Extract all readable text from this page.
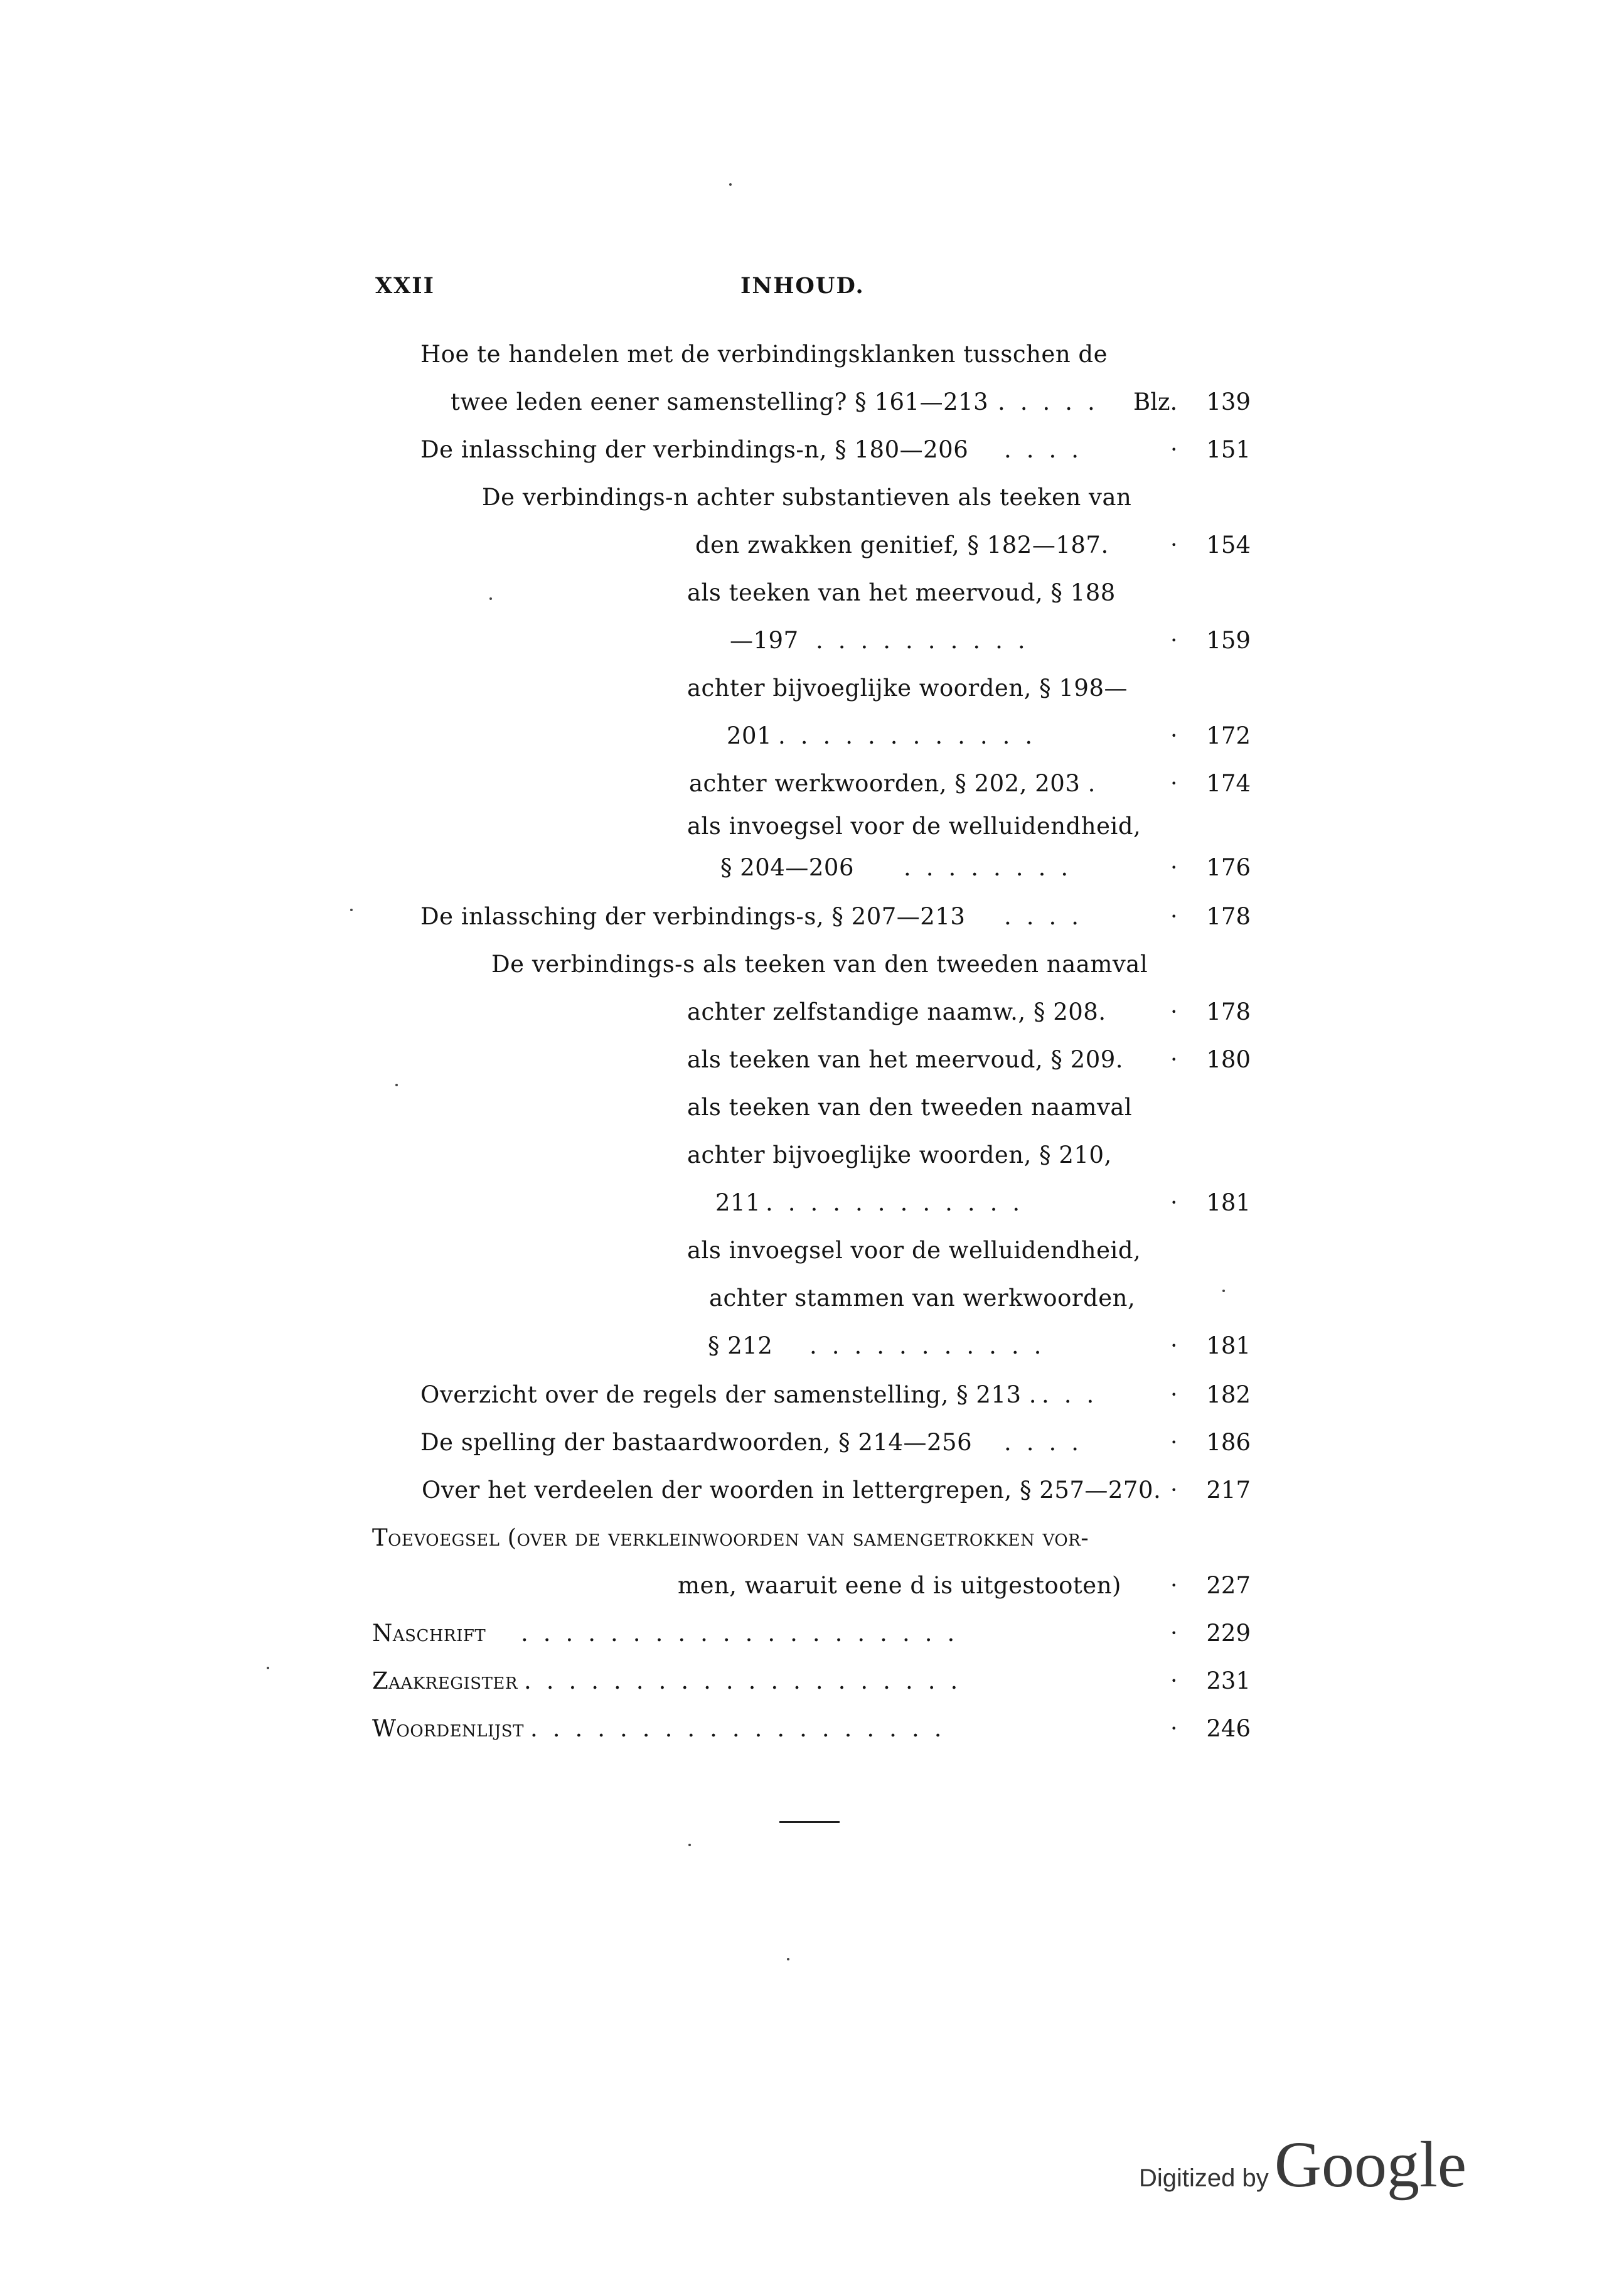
XXII	INHOUD.
Hoe te handelen met de verbindingsklanken tusschen de
twee leden eener samenstelling? § 161—213 .....	Blz. 139
De inlassching der verbindings-n, § 180—206 ....	• 151
De verbindings-n achter substantieven als teeken van
den zwakken genitief, § 182—187.	• 154
als teeken van het meervoud, § 188
—197 ..........	• 159
achter bijvoeglijke woorden, § 198—
201 ............	• 172
achter werkwoorden, § 202, 203 .	• 174
als invoegsel voor de welluidendheid,
§ 204—206 ........	• 176
De inlassching der verbindings-s, § 207—213 ....	• 178
De verbindings-s als teeken van den tweeden naamval
achter zelfstandige naamw., § 208.	• 178
als teeken van het meervoud, § 209.	• 180
als teeken van den tweeden naamval
achter bijvoeglijke woorden, § 210,
211 ............	• 181
als invoegsel voor de welluidendheid,
achter stammen van werkwoorden,
§ 212 ...........	• 181
Overzicht over de regels der samenstelling, § 213 . ...	• 182
De spelling der bastaardwoorden, § 214—256 ....	• 186
Over het verdeelen der woorden in lettergrepen, § 257—270. • 217
Toevoegsel (over de verkleinwoorden van samengetrokken vor-
men, waaruit eene d is uitgestooten)	• 227
Naschrift ....................	• 229
Zaakregister ....................	• 231
Woordenlijst ...................	• 246
Digitized by Google
